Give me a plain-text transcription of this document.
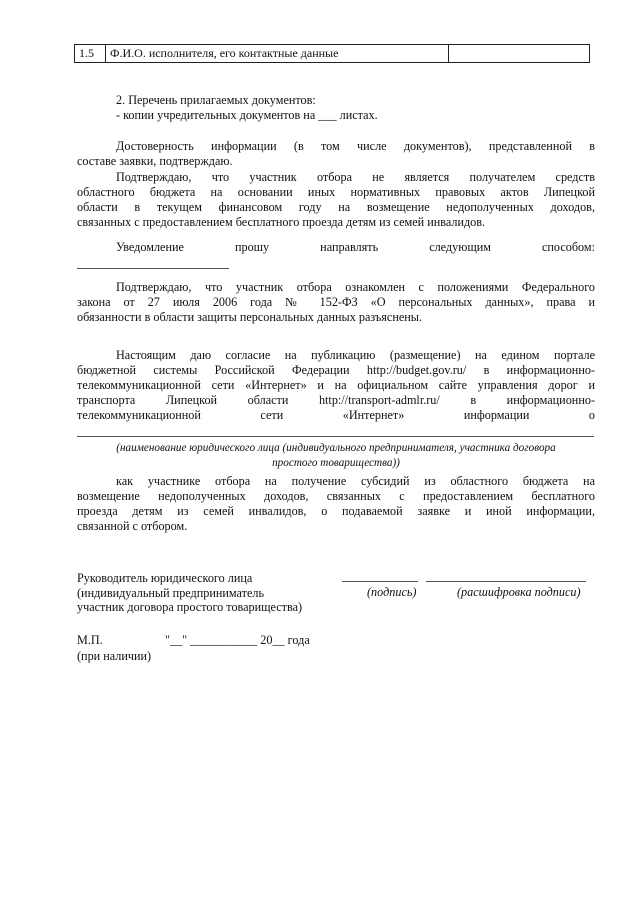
1.5	Ф.И.О. исполнителя, его контактные данные	
2. Перечень прилагаемых документов:
- копии учредительных документов на ___ листах.
Достоверность информации (в том числе документов), представленной в
составе заявки, подтверждаю.
Подтверждаю, что участник отбора не является получателем средств
областного бюджета на основании иных нормативных правовых актов Липецкой
области в текущем финансовом году на возмещение недополученных доходов,
связанных с предоставлением бесплатного проезда детям из семей инвалидов.
Уведомление прошу направлять следующим способом:
Подтверждаю, что участник отбора ознакомлен с положениями Федерального
закона от 27 июля 2006 года № 152-ФЗ «О персональных данных», права и
обязанности в области защиты персональных данных разъяснены.
Настоящим даю согласие на публикацию (размещение) на едином портале
бюджетной системы Российской Федерации http://budget.gov.ru/ в информационно-
телекоммуникационной сети «Интернет» и на официальном сайте управления дорог и
транспорта Липецкой области http://transport-admlr.ru/ в информационно-
телекоммуникационной сети «Интернет» информации о
(наименование юридического лица (индивидуального предпринимателя, участника договора
простого товарищества))
как участнике отбора на получение субсидий из областного бюджета на
возмещение недополученных доходов, связанных с предоставлением бесплатного
проезда детям из семей инвалидов, о подаваемой заявке и иной информации,
связанной с отбором.
Руководитель юридического лица
(индивидуальный предприниматель
участник договора простого товарищества)
(подпись)	(расшифровка подписи)
М.П.	"__" ___________ 20__ года
(при наличии)
